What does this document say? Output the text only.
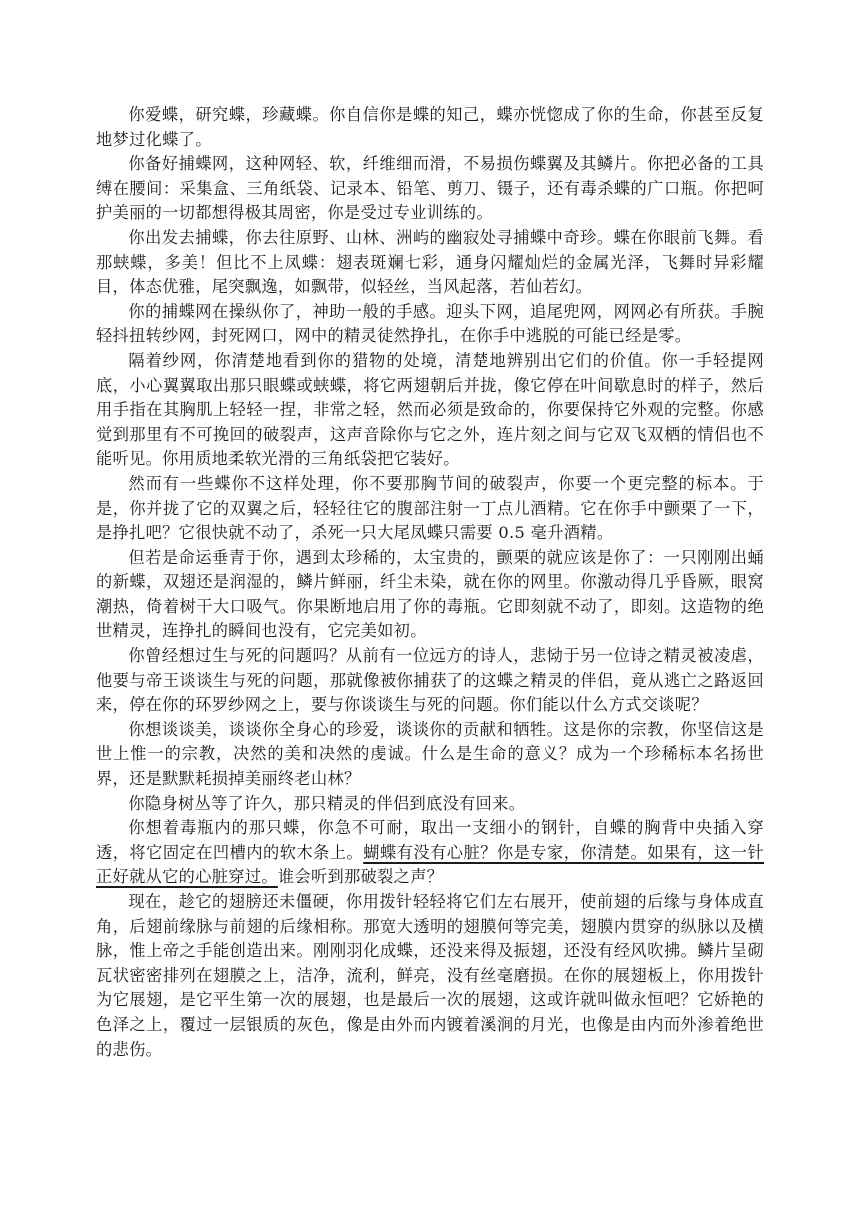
你爱蝶，研究蝶，珍藏蝶。你自信你是蝶的知己，蝶亦恍惚成了你的生命，你甚至反复地梦过化蝶了。

你备好捕蝶网，这种网轻、软，纤维细而滑，不易损伤蝶翼及其鳞片。你把必备的工具缚在腰间：采集盒、三角纸袋、记录本、铅笔、剪刀、镊子，还有毒杀蝶的广口瓶。你把呵护美丽的一切都想得极其周密，你是受过专业训练的。

你出发去捕蝶，你去往原野、山林、洲屿的幽寂处寻捕蝶中奇珍。蝶在你眼前飞舞。看那蛱蝶，多美！但比不上凤蝶：翅表斑斓七彩，通身闪耀灿烂的金属光泽，飞舞时异彩耀目，体态优雅，尾突飘逸，如飘带，似轻丝，当风起落，若仙若幻。

你的捕蝶网在操纵你了，神助一般的手感。迎头下网，追尾兜网，网网必有所获。手腕轻抖扭转纱网，封死网口，网中的精灵徒然挣扎，在你手中逃脱的可能已经是零。

隔着纱网，你清楚地看到你的猎物的处境，清楚地辨别出它们的价值。你一手轻提网底，小心翼翼取出那只眼蝶或蛱蝶，将它两翅朝后并拢，像它停在叶间歇息时的样子，然后用手指在其胸肌上轻轻一捏，非常之轻，然而必须是致命的，你要保持它外观的完整。你感觉到那里有不可挽回的破裂声，这声音除你与它之外，连片刻之间与它双飞双栖的情侣也不能听见。你用质地柔软光滑的三角纸袋把它装好。

然而有一些蝶你不这样处理，你不要那胸节间的破裂声，你要一个更完整的标本。于是，你并拢了它的双翼之后，轻轻往它的腹部注射一丁点儿酒精。它在你手中颤栗了一下，是挣扎吧？它很快就不动了，杀死一只大尾凤蝶只需要 0.5 毫升酒精。

但若是命运垂青于你，遇到太珍稀的，太宝贵的，颤栗的就应该是你了：一只刚刚出蛹的新蝶，双翅还是润湿的，鳞片鲜丽，纤尘未染，就在你的网里。你激动得几乎昏厥，眼窝潮热，倚着树干大口吸气。你果断地启用了你的毒瓶。它即刻就不动了，即刻。这造物的绝世精灵，连挣扎的瞬间也没有，它完美如初。

你曾经想过生与死的问题吗？从前有一位远方的诗人，悲恸于另一位诗之精灵被凌虐，他要与帝王谈谈生与死的问题，那就像被你捕获了的这蝶之精灵的伴侣，竟从逃亡之路返回来，停在你的环罗纱网之上，要与你谈谈生与死的问题。你们能以什么方式交谈呢？

你想谈谈美，谈谈你全身心的珍爱，谈谈你的贡献和牺牲。这是你的宗教，你坚信这是世上惟一的宗教，决然的美和决然的虔诚。什么是生命的意义？成为一个珍稀标本名扬世界，还是默默耗损掉美丽终老山林？

你隐身树丛等了许久，那只精灵的伴侣到底没有回来。

你想着毒瓶内的那只蝶，你急不可耐，取出一支细小的钢针，自蝶的胸背中央插入穿透，将它固定在凹槽内的软木条上。蝴蝶有没有心脏？你是专家，你清楚。如果有，这一针正好就从它的心脏穿过。谁会听到那破裂之声？

现在，趁它的翅膀还未僵硬，你用拨针轻轻将它们左右展开，使前翅的后缘与身体成直角，后翅前缘脉与前翅的后缘相称。那宽大透明的翅膜何等完美，翅膜内贯穿的纵脉以及横脉，惟上帝之手能创造出来。刚刚羽化成蝶，还没来得及振翅，还没有经风吹拂。鳞片呈砌瓦状密密排列在翅膜之上，洁净，流利，鲜亮，没有丝毫磨损。在你的展翅板上，你用拨针为它展翅，是它平生第一次的展翅，也是最后一次的展翅，这或许就叫做永恒吧？它娇艳的色泽之上，覆过一层银质的灰色，像是由外而内镀着溪涧的月光，也像是由内而外渗着绝世的悲伤。
